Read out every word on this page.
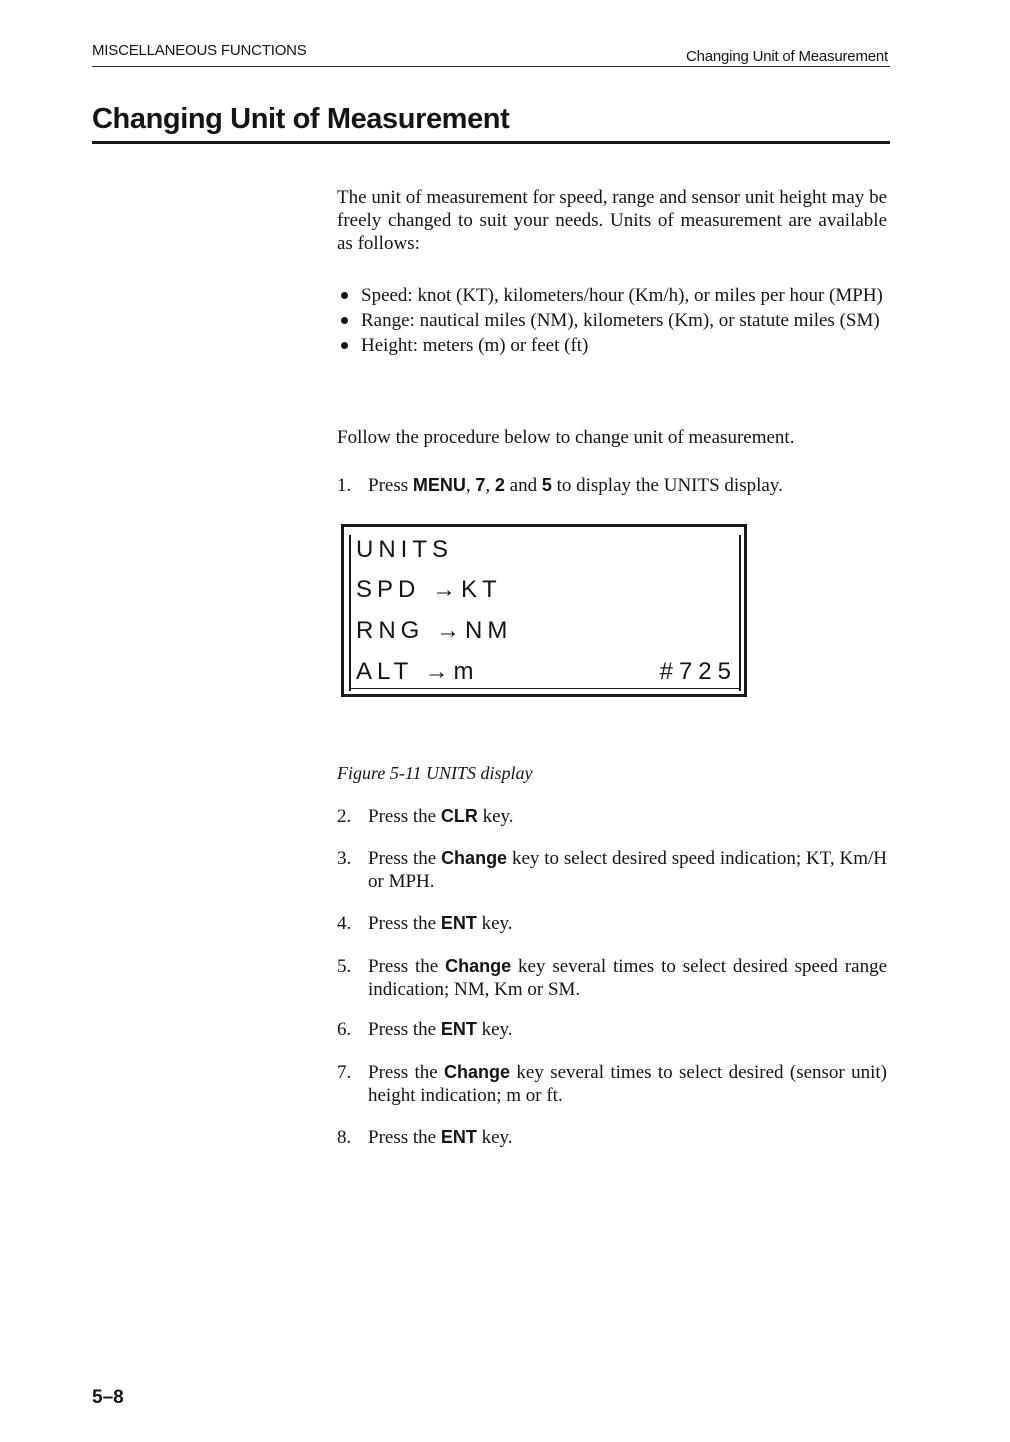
MISCELLANEOUS FUNCTIONS	Changing Unit of Measurement
Changing Unit of Measurement

The unit of measurement for speed, range and sensor unit height may be freely changed to suit your needs. Units of measurement are available as follows:

Speed: knot (KT), kilometers/hour (Km/h), or miles per hour (MPH)
Range: nautical miles (NM), kilometers (Km), or statute miles (SM)
Height: meters (m) or feet (ft)

Follow the procedure below to change unit of measurement.

1. Press MENU, 7, 2 and 5 to display the UNITS display.
UNITS
SPD →KT
RNG →NM
ALT →m	#725
Figure 5-11 UNITS display
2. Press the CLR key.
3. Press the Change key to select desired speed indication; KT, Km/H or MPH.
4. Press the ENT key.
5. Press the Change key several times to select desired speed range indication; NM, Km or SM.
6. Press the ENT key.
7. Press the Change key several times to select desired (sensor unit) height indication; m or ft.
8. Press the ENT key.
5–8
